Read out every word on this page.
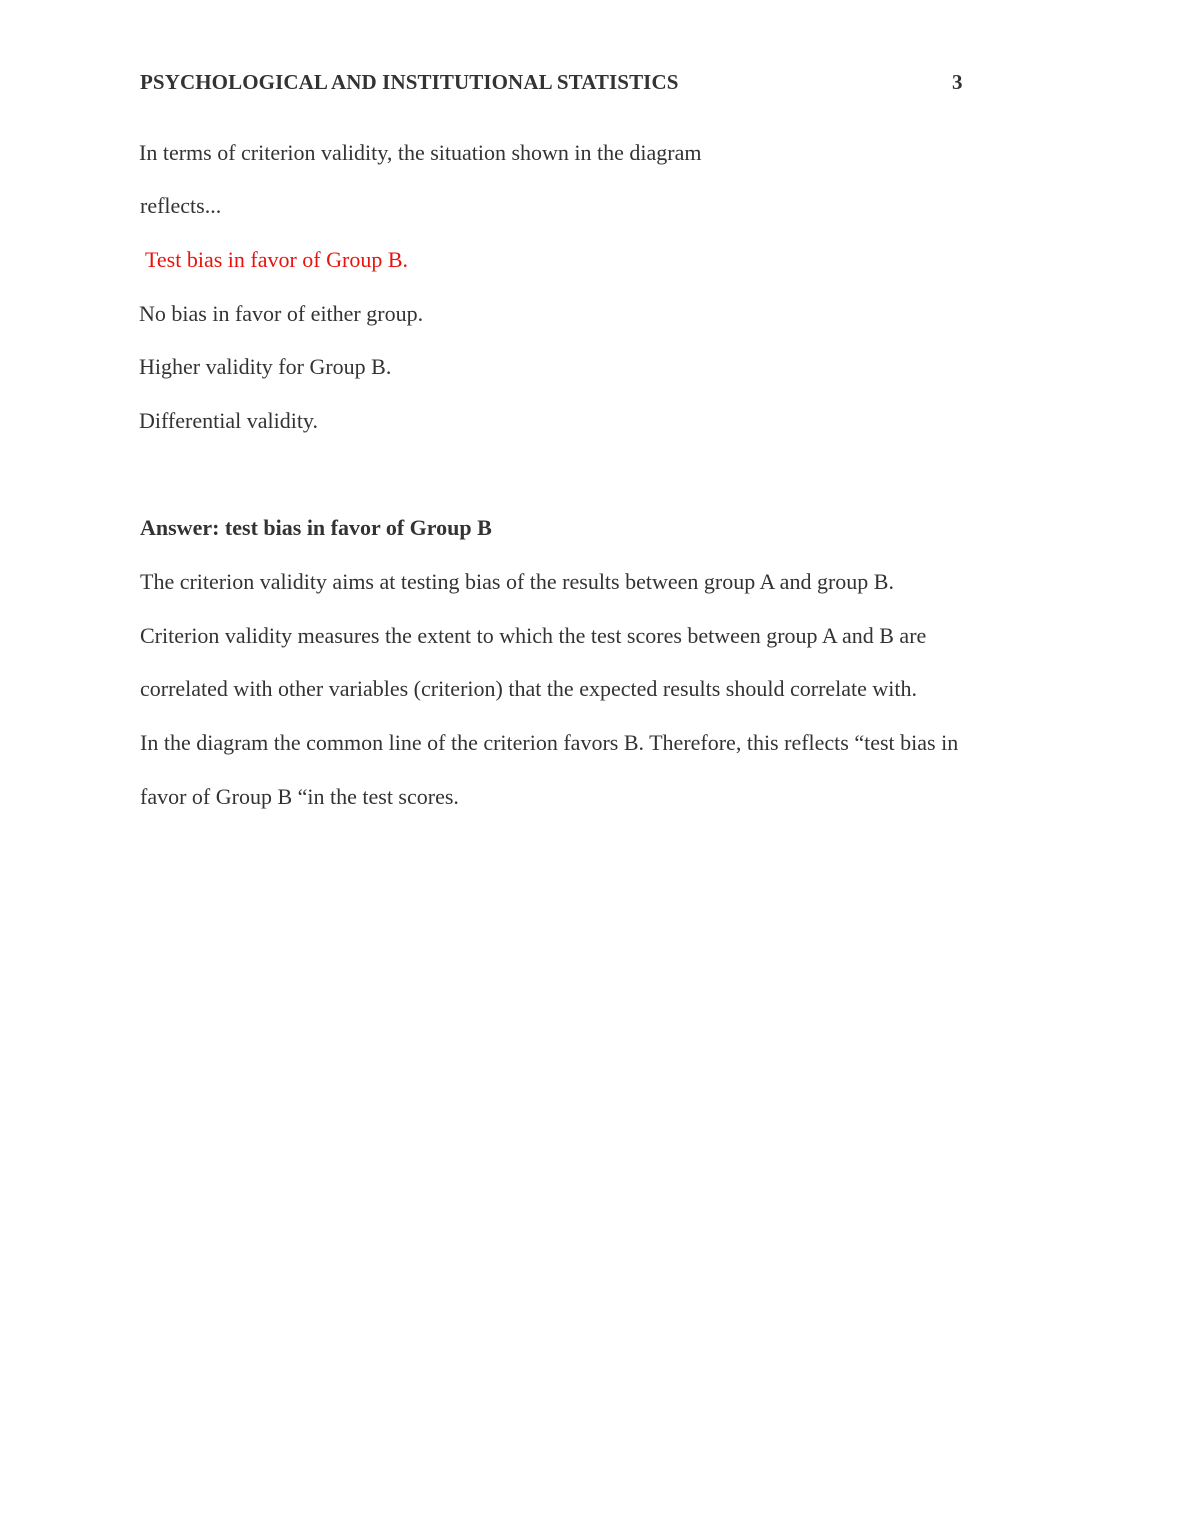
PSYCHOLOGICAL AND INSTITUTIONAL STATISTICS	3
In terms of criterion validity, the situation shown in the diagram
reflects...
Test bias in favor of Group B.
No bias in favor of either group.
Higher validity for Group B.
Differential validity.
Answer: test bias in favor of Group B
The criterion validity aims at testing bias of the results between group A and group B.
Criterion validity measures the extent to which the test scores between group A and B are
correlated with other variables (criterion) that the expected results should correlate with.
In the diagram the common line of the criterion favors B. Therefore, this reflects “test bias in
favor of Group B “in the test scores.
